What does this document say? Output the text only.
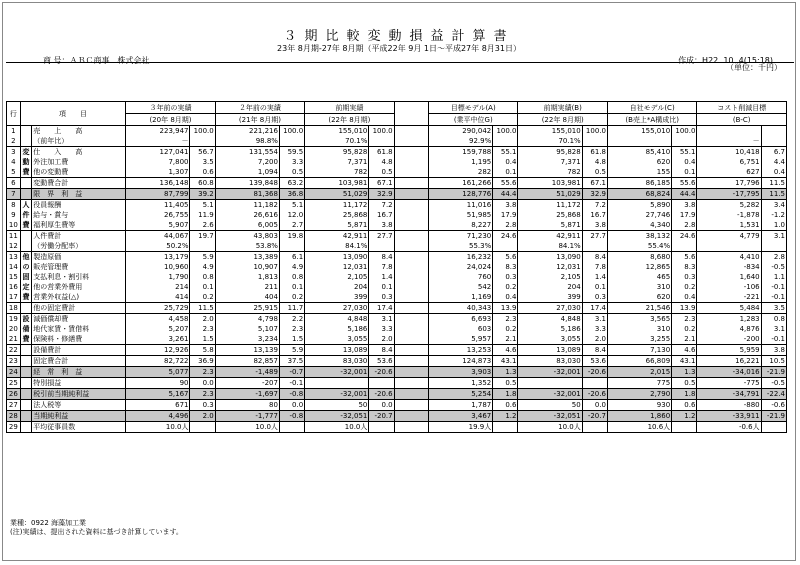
３期比較変動損益計算書
23年 8月期-27年 8月期（平成22年 9月 1日～平成27年 8月31日）
商 号：ＡＢＣ商事　株式会社	作成：H22. 10. 4(15:18)
（単位：千円）
行	項　　目		３年前の実績		２年前の実績		前期実績			目標モデル(A)		前期実績(B)		自社モデル(C)		コスト削減目標	
			(20年 8月期)		(21年 8月期)		(22年 8月期)			(業平中位G)		(22年 8月期)		(B売上*A構成比)		(B-C)	
1		売　　上　　高	223,947	100.0	221,216	100.0	155,010	100.0		290,042	100.0	155,010	100.0	155,010	100.0		
2		（前年比）	－		98.8%		70.1%			92.9%		70.1%				－	
3	変	仕　　入　　高	127,041	56.7	131,554	59.5	95,828	61.8		159,788	55.1	95,828	61.8	85,410	55.1	10,418	6.7
4	動	外注加工費	7,800	3.5	7,200	3.3	7,371	4.8		1,195	0.4	7,371	4.8	620	0.4	6,751	4.4
5	費	他の変動費	1,307	0.6	1,094	0.5	782	0.5		282	0.1	782	0.5	155	0.1	627	0.4
6		変動費合計	136,148	60.8	139,848	63.2	103,981	67.1		161,266	55.6	103,981	67.1	86,185	55.6	17,796	11.5
7		限　界　利　益	87,799	39.2	81,368	36.8	51,029	32.9		128,776	44.4	51,029	32.9	68,824	44.4	-17,795	11.5
8	人	役員報酬	11,405	5.1	11,182	5.1	11,172	7.2		11,016	3.8	11,172	7.2	5,890	3.8	5,282	3.4
9	件	給与・賞与	26,755	11.9	26,616	12.0	25,868	16.7		51,985	17.9	25,868	16.7	27,746	17.9	-1,878	-1.2
10	費	福利厚生費等	5,907	2.6	6,005	2.7	5,871	3.8		8,227	2.8	5,871	3.8	4,340	2.8	1,531	1.0
11		人件費計	44,067	19.7	43,803	19.8	42,911	27.7		71,230	24.6	42,911	27.7	38,132	24.6	4,779	3.1
12		（労働分配率）	50.2%		53.8%		84.1%			55.3%		84.1%		55.4%			
13	他	製造原価	13,179	5.9	13,389	6.1	13,090	8.4		16,232	5.6	13,090	8.4	8,680	5.6	4,410	2.8
14	の	販売管理費	10,960	4.9	10,907	4.9	12,031	7.8		24,024	8.3	12,031	7.8	12,865	8.3	-834	-0.5
15	固	支払利息・割引料	1,790	0.8	1,813	0.8	2,105	1.4		760	0.3	2,105	1.4	465	0.3	1,640	1.1
16	定	他の営業外費用	214	0.1	211	0.1	204	0.1		542	0.2	204	0.1	310	0.2	-106	-0.1
17	費	営業外収益(△)	414	0.2	404	0.2	399	0.3		1,169	0.4	399	0.3	620	0.4	-221	-0.1
18		他の固定費計	25,729	11.5	25,915	11.7	27,030	17.4		40,343	13.9	27,030	17.4	21,546	13.9	5,484	3.5
19	設	減価償却費	4,458	2.0	4,798	2.2	4,848	3.1		6,693	2.3	4,848	3.1	3,565	2.3	1,283	0.8
20	備	地代家賃・賃借料	5,207	2.3	5,107	2.3	5,186	3.3		603	0.2	5,186	3.3	310	0.2	4,876	3.1
21	費	保険料・修繕費	3,261	1.5	3,234	1.5	3,055	2.0		5,957	2.1	3,055	2.0	3,255	2.1	-200	-0.1
22		設備費計	12,926	5.8	13,139	5.9	13,089	8.4		13,253	4.6	13,089	8.4	7,130	4.6	5,959	3.8
23		固定費合計	82,722	36.9	82,857	37.5	83,030	53.6		124,873	43.1	83,030	53.6	66,809	43.1	16,221	10.5
24		経　常　利　益	5,077	2.3	-1,489	-0.7	-32,001	-20.6		3,903	1.3	-32,001	-20.6	2,015	1.3	-34,016	-21.9
25		特別損益	90	0.0	-207	-0.1				1,352	0.5			775	0.5	-775	-0.5
26		税引前当期純利益	5,167	2.3	-1,697	-0.8	-32,001	-20.6		5,254	1.8	-32,001	-20.6	2,790	1.8	-34,791	-22.4
27		法人税等	671	0.3	80	0.0	50	0.0		1,787	0.6	50	0.0	930	0.6	-880	-0.6
28		当期純利益	4,496	2.0	-1,777	-0.8	-32,051	-20.7		3,467	1.2	-32,051	-20.7	1,860	1.2	-33,911	-21.9
29		平均従事員数	10.0人		10.0人		10.0人			19.9人		10.0人		10.6人		-0.6人	
業種：0922 海藻加工業
(注)実績は、提出された資料に基づき計算しています。
